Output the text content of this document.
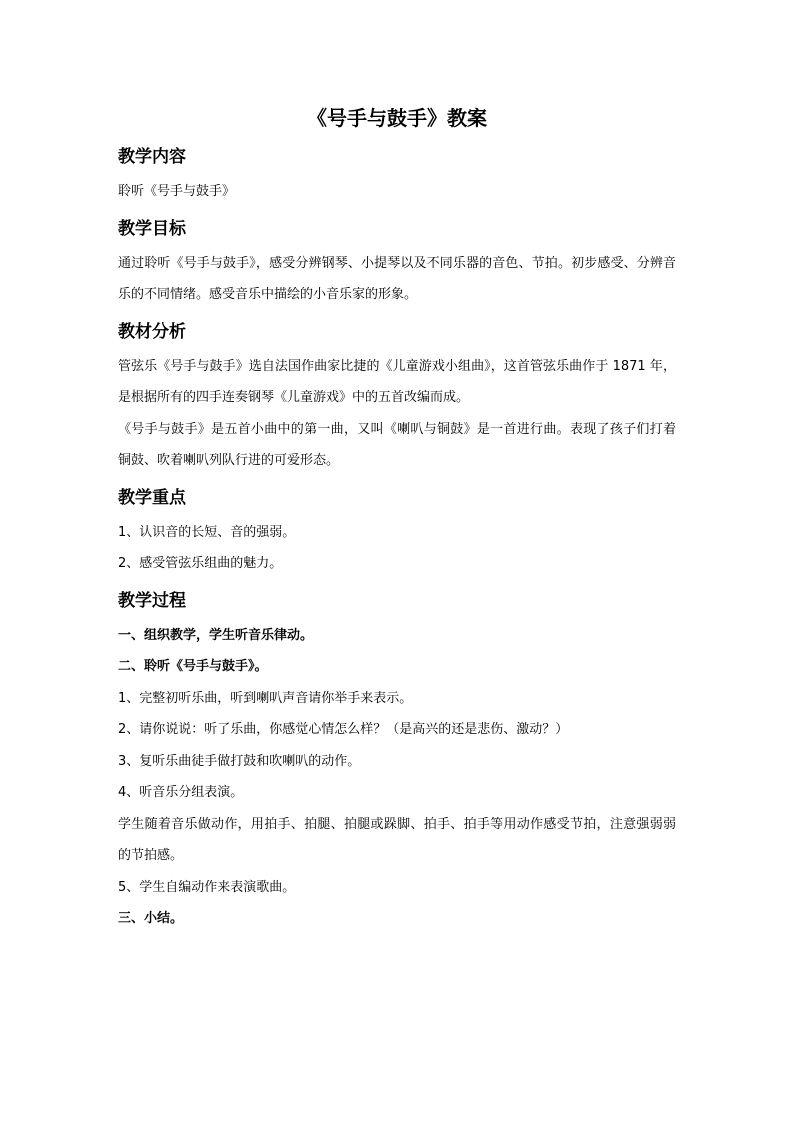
《号手与鼓手》教案
教学内容

聆听《号手与鼓手》

教学目标

通过聆听《号手与鼓手》，感受分辨钢琴、小提琴以及不同乐器的音色、节拍。初步感受、分辨音乐的不同情绪。感受音乐中描绘的小音乐家的形象。

教材分析

管弦乐《号手与鼓手》选自法国作曲家比捷的《儿童游戏小组曲》，这首管弦乐曲作于 1871 年，是根据所有的四手连奏钢琴《儿童游戏》中的五首改编而成。

《号手与鼓手》是五首小曲中的第一曲，又叫《喇叭与铜鼓》是一首进行曲。表现了孩子们打着铜鼓、吹着喇叭列队行进的可爱形态。

教学重点

1、认识音的长短、音的强弱。

2、感受管弦乐组曲的魅力。

教学过程

一、组织教学，学生听音乐律动。

二、聆听《号手与鼓手》。

1、完整初听乐曲，听到喇叭声音请你举手来表示。

2、请你说说：听了乐曲，你感觉心情怎么样？（是高兴的还是悲伤、激动？）

3、复听乐曲徒手做打鼓和吹喇叭的动作。

4、听音乐分组表演。

学生随着音乐做动作，用拍手、拍腿、拍腿或跺脚、拍手、拍手等用动作感受节拍，注意强弱弱的节拍感。

5、学生自编动作来表演歌曲。

三、小结。
